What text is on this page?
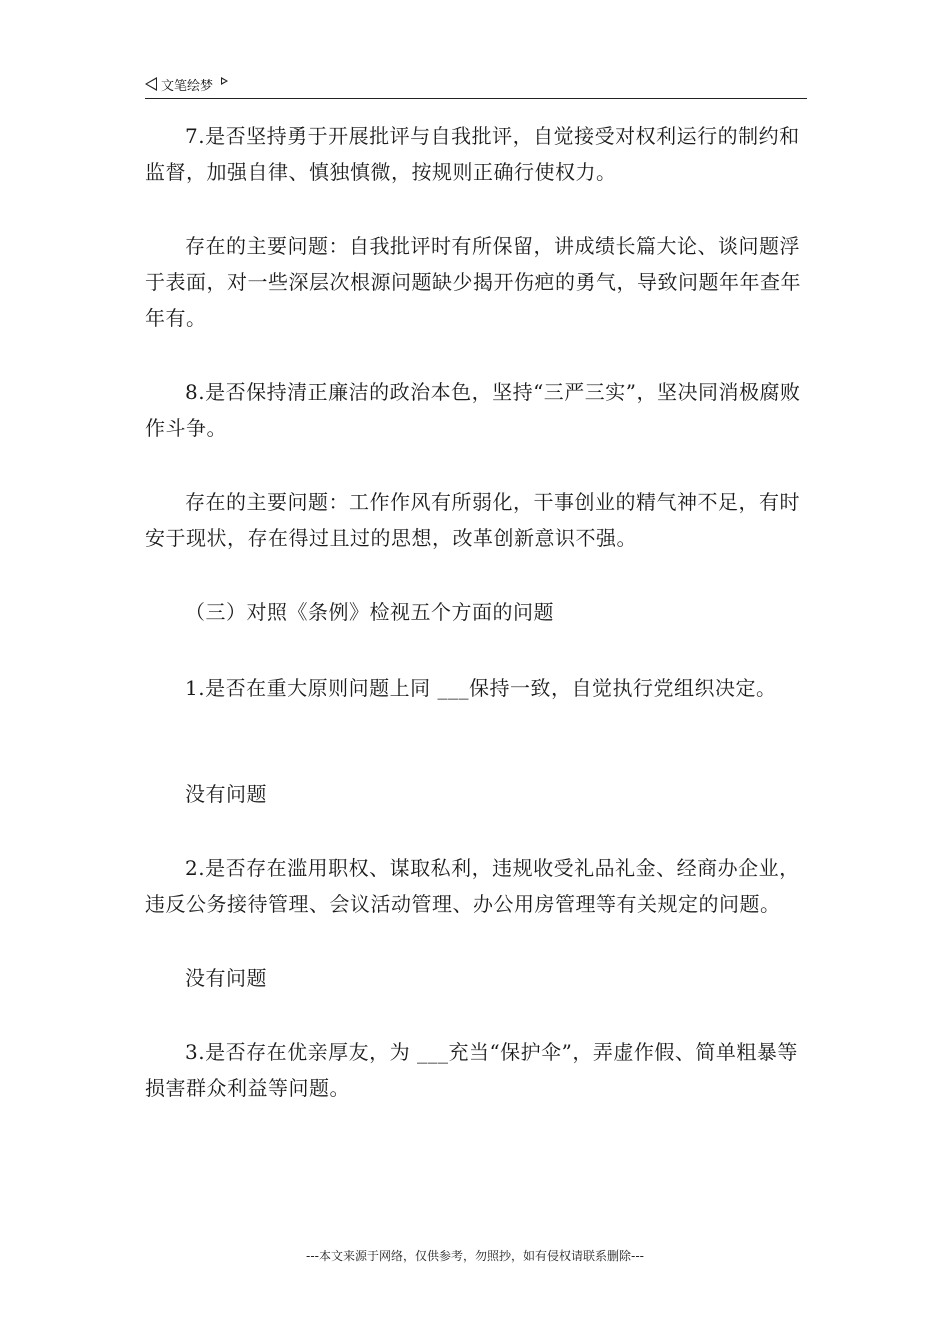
文笔绘梦

7.是否坚持勇于开展批评与自我批评，自觉接受对权利运行的制约和监督，加强自律、慎独慎微，按规则正确行使权力。

存在的主要问题：自我批评时有所保留，讲成绩长篇大论、谈问题浮于表面，对一些深层次根源问题缺少揭开伤疤的勇气，导致问题年年查年年有。

8.是否保持清正廉洁的政治本色，坚持“三严三实”，坚决同消极腐败作斗争。

存在的主要问题：工作作风有所弱化，干事创业的精气神不足，有时安于现状，存在得过且过的思想，改革创新意识不强。

（三）对照《条例》检视五个方面的问题

1.是否在重大原则问题上同 ___保持一致，自觉执行党组织决定。

没有问题

2.是否存在滥用职权、谋取私利，违规收受礼品礼金、经商办企业，违反公务接待管理、会议活动管理、办公用房管理等有关规定的问题。

没有问题

3.是否存在优亲厚友，为 ___充当“保护伞”，弄虚作假、简单粗暴等损害群众利益等问题。

---本文来源于网络，仅供参考，勿照抄，如有侵权请联系删除---
